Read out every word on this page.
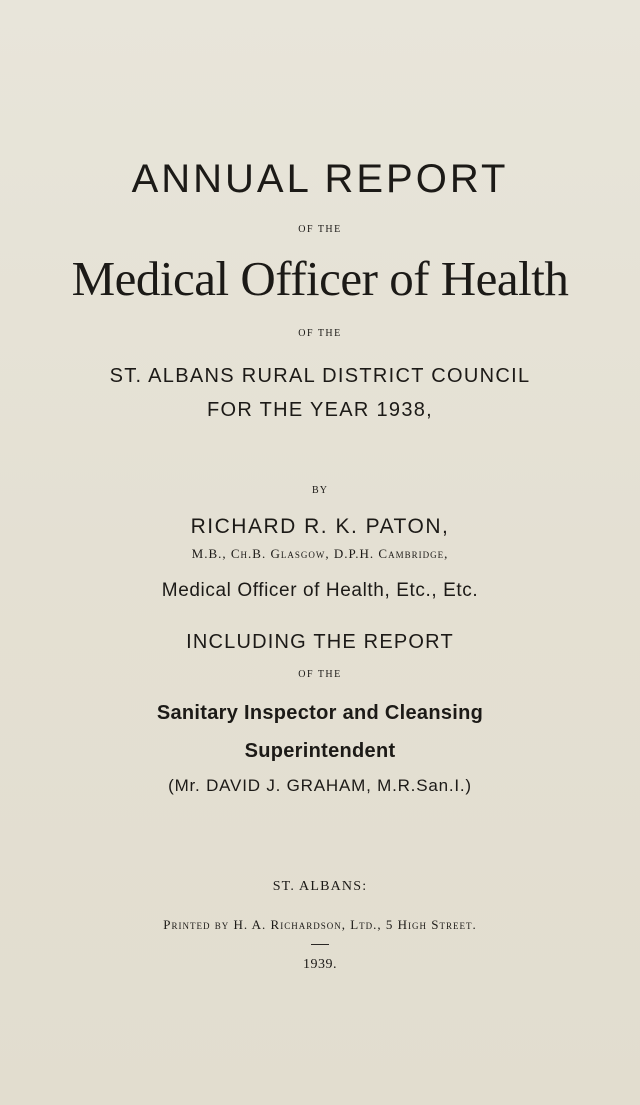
ANNUAL REPORT
OF THE
Medical Officer of Health
OF THE
ST. ALBANS RURAL DISTRICT COUNCIL
FOR THE YEAR 1938,
BY
RICHARD R. K. PATON,
M.B., Ch.B. Glasgow, D.P.H. Cambridge,
Medical Officer of Health, Etc., Etc.
INCLUDING THE REPORT
OF THE
Sanitary Inspector and Cleansing
Superintendent
(Mr. DAVID J. GRAHAM, M.R.San.I.)
ST. ALBANS:
Printed by H. A. Richardson, Ltd., 5 High Street.
1939.
